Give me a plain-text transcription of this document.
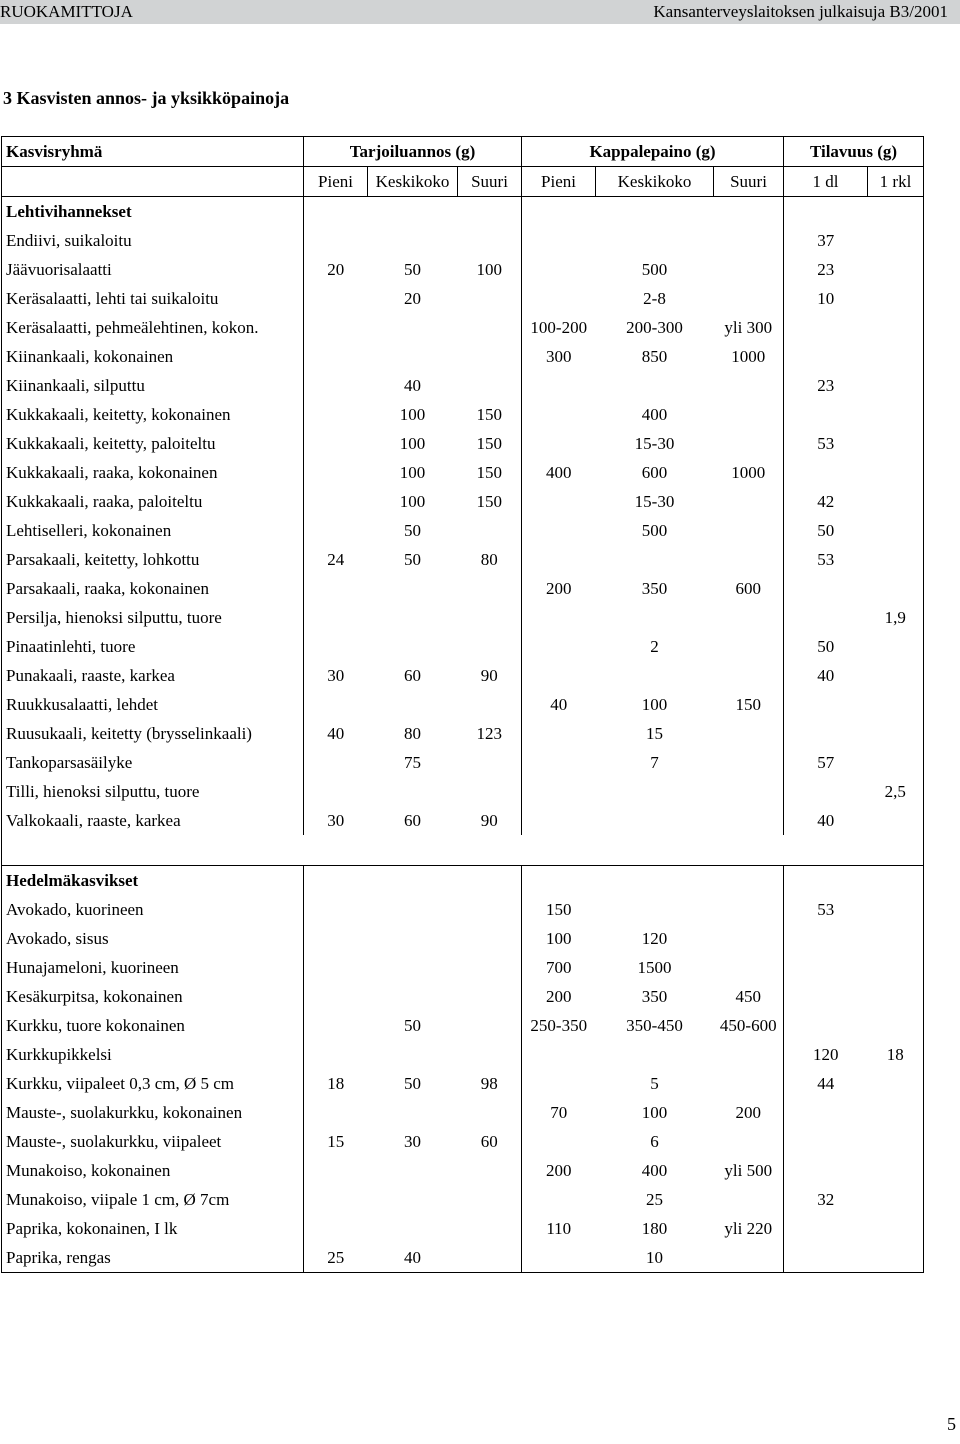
RUOKAMITTOJA	Kansanterveyslaitoksen julkaisuja B3/2001
3 Kasvisten annos- ja yksikköpainoja
Kasvisryhmä	Tarjoiluannos (g)			Kappalepaino (g)			Tilavuus (g)	
	Pieni	Keskikoko	Suuri	Pieni	Keskikoko	Suuri	1 dl	1 rkl
Lehtivihannekset								
Endiivi, suikaloitu							37	
Jäävuorisalaatti	20	50	100		500		23	
Keräsalaatti, lehti tai suikaloitu		20			2-8		10	
Keräsalaatti, pehmeälehtinen, kokon.				100-200	200-300	yli 300		
Kiinankaali, kokonainen				300	850	1000		
Kiinankaali, silputtu		40					23	
Kukkakaali, keitetty, kokonainen		100	150		400			
Kukkakaali, keitetty, paloiteltu		100	150		15-30		53	
Kukkakaali, raaka, kokonainen		100	150	400	600	1000		
Kukkakaali, raaka, paloiteltu		100	150		15-30		42	
Lehtiselleri, kokonainen		50			500		50	
Parsakaali, keitetty, lohkottu	24	50	80				53	
Parsakaali, raaka, kokonainen				200	350	600		
Persilja, hienoksi silputtu, tuore								1,9
Pinaatinlehti, tuore					2		50	
Punakaali, raaste, karkea	30	60	90				40	
Ruukkusalaatti, lehdet				40	100	150		
Ruusukaali, keitetty (brysselinkaali)	40	80	123		15			
Tankoparsasäilyke		75			7		57	
Tilli, hienoksi silputtu, tuore								2,5
Valkokaali, raaste, karkea	30	60	90				40	

Hedelmäkasvikset								
Avokado, kuorineen				150			53	
Avokado, sisus				100	120			
Hunajameloni, kuorineen				700	1500			
Kesäkurpitsa, kokonainen				200	350	450		
Kurkku, tuore kokonainen		50		250-350	350-450	450-600		
Kurkkupikkelsi							120	18
Kurkku, viipaleet 0,3 cm, Ø 5 cm	18	50	98		5		44	
Mauste-, suolakurkku, kokonainen				70	100	200		
Mauste-, suolakurkku, viipaleet	15	30	60		6			
Munakoiso, kokonainen				200	400	yli 500		
Munakoiso, viipale 1 cm, Ø 7cm					25		32	
Paprika, kokonainen, I lk				110	180	yli 220		
Paprika, rengas	25	40			10			
5
